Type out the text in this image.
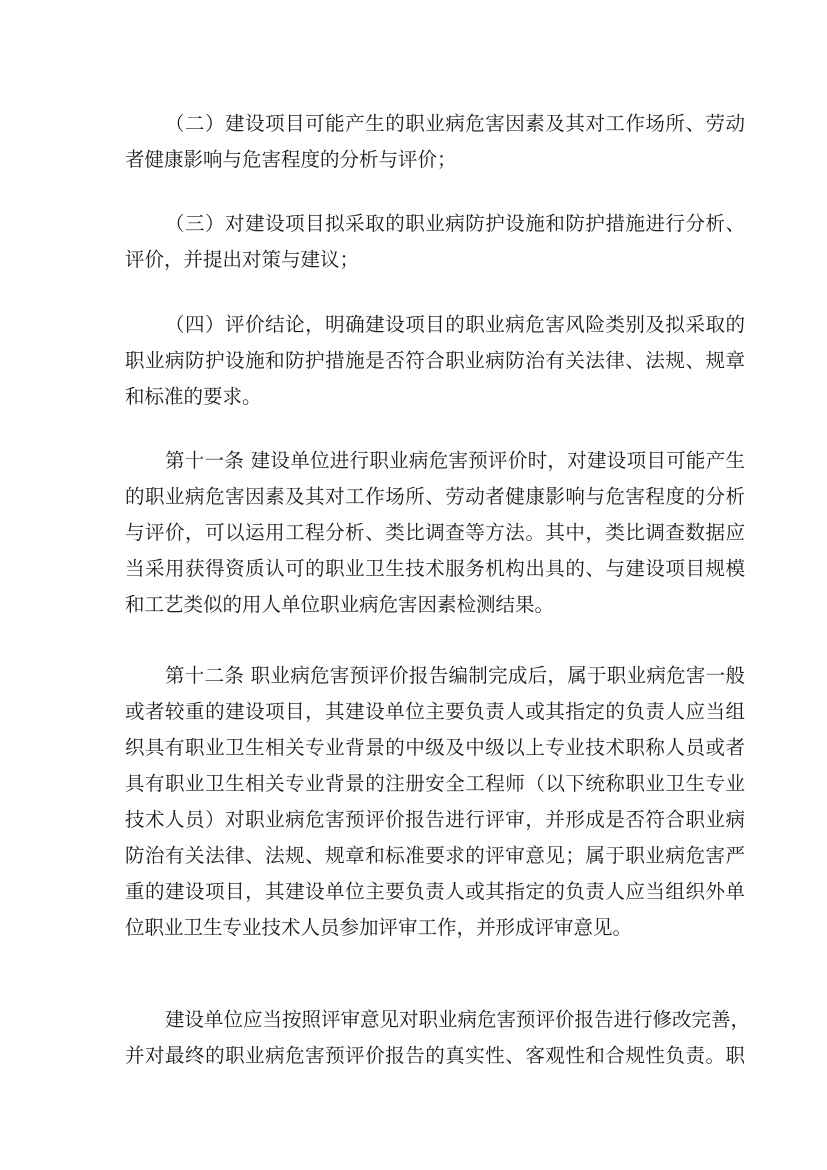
（二）建设项目可能产生的职业病危害因素及其对工作场所、劳动
者健康影响与危害程度的分析与评价；
（三）对建设项目拟采取的职业病防护设施和防护措施进行分析、
评价，并提出对策与建议；
（四）评价结论，明确建设项目的职业病危害风险类别及拟采取的
职业病防护设施和防护措施是否符合职业病防治有关法律、法规、规章
和标准的要求。
第十一条 建设单位进行职业病危害预评价时，对建设项目可能产生
的职业病危害因素及其对工作场所、劳动者健康影响与危害程度的分析
与评价，可以运用工程分析、类比调查等方法。其中，类比调查数据应
当采用获得资质认可的职业卫生技术服务机构出具的、与建设项目规模
和工艺类似的用人单位职业病危害因素检测结果。
第十二条 职业病危害预评价报告编制完成后，属于职业病危害一般
或者较重的建设项目，其建设单位主要负责人或其指定的负责人应当组
织具有职业卫生相关专业背景的中级及中级以上专业技术职称人员或者
具有职业卫生相关专业背景的注册安全工程师（以下统称职业卫生专业
技术人员）对职业病危害预评价报告进行评审，并形成是否符合职业病
防治有关法律、法规、规章和标准要求的评审意见；属于职业病危害严
重的建设项目，其建设单位主要负责人或其指定的负责人应当组织外单
位职业卫生专业技术人员参加评审工作，并形成评审意见。
建设单位应当按照评审意见对职业病危害预评价报告进行修改完善，
并对最终的职业病危害预评价报告的真实性、客观性和合规性负责。职
